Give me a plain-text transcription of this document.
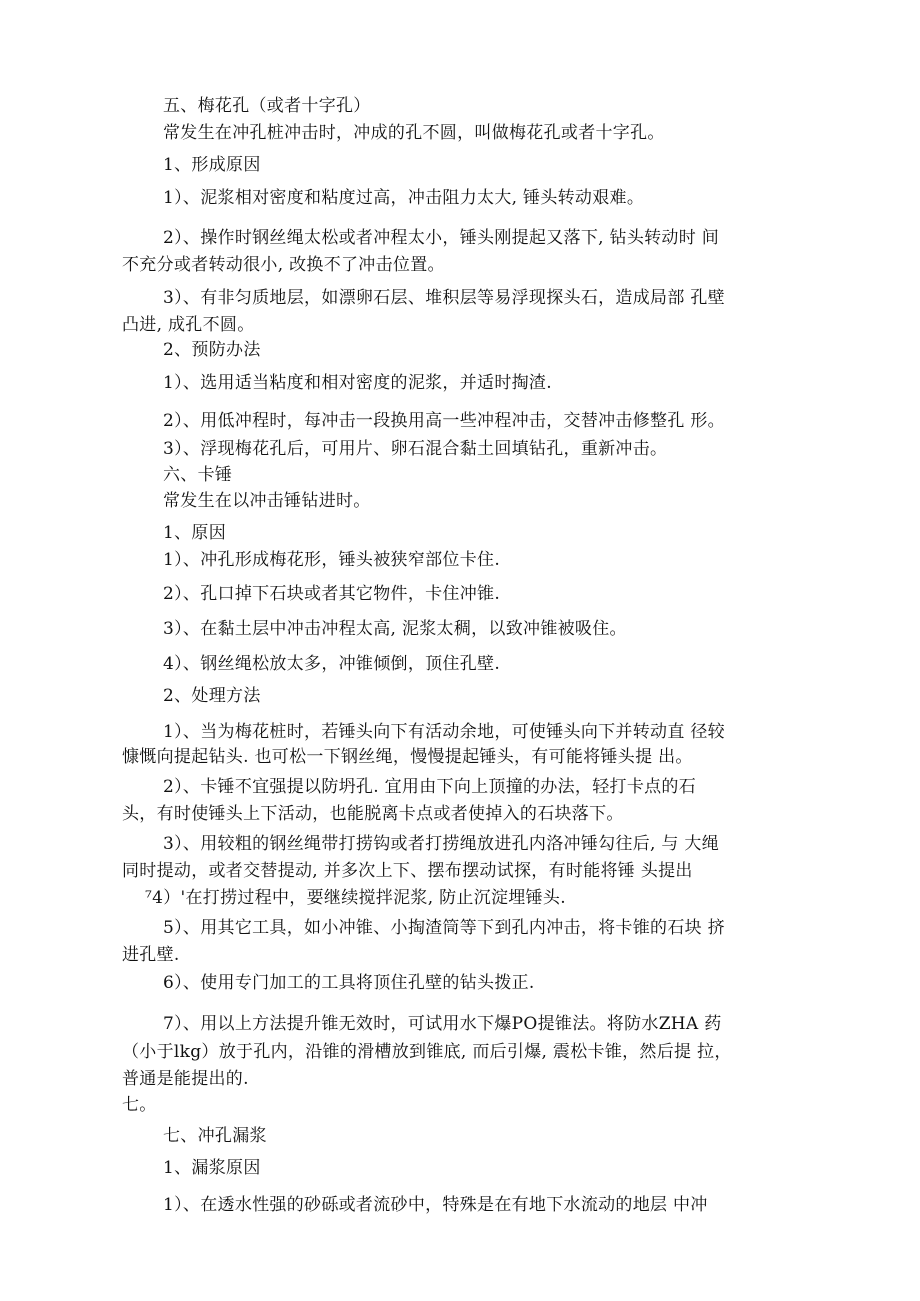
五、梅花孔（或者十字孔）
常发生在冲孔桩冲击时，冲成的孔不圆，叫做梅花孔或者十字孔。
1、形成原因
1）、泥浆相对密度和粘度过高，冲击阻力太大, 锤头转动艰难。
2）、操作时钢丝绳太松或者冲程太小，锤头刚提起又落下, 钻头转动时 间
不充分或者转动很小, 改换不了冲击位置。
3）、有非匀质地层，如漂卵石层、堆积层等易浮现探头石，造成局部 孔壁
凸进, 成孔不圆。
2、预防办法
1）、选用适当粘度和相对密度的泥浆，并适时掏渣.
2）、用低冲程时，每冲击一段换用高一些冲程冲击，交替冲击修整孔 形。
3）、浮现梅花孔后，可用片、卵石混合黏土回填钻孔，重新冲击。
六、卡锤
常发生在以冲击锤钻进时。
1、原因
1）、冲孔形成梅花形，锤头被狭窄部位卡住.
2）、孔口掉下石块或者其它物件，卡住冲锥.
3）、在黏土层中冲击冲程太高, 泥浆太稠，以致冲锥被吸住。
4）、钢丝绳松放太多，冲锥倾倒，顶住孔壁.
2、处理方法
1）、当为梅花桩时，若锤头向下有活动余地，可使锤头向下并转动直 径较
慷慨向提起钻头. 也可松一下钢丝绳，慢慢提起锤头，有可能将锤头提 出。
2）、卡锤不宜强提以防坍孔. 宜用由下向上顶撞的办法，轻打卡点的石
头，有时使锤头上下活动，也能脱离卡点或者使掉入的石块落下。
3）、用较粗的钢丝绳带打捞钩或者打捞绳放进孔内洛冲锤勾往后, 与 大绳
同时提动，或者交替提动, 并多次上下、摆布摆动试探，有时能将锤 头提出
⁷4）'在打捞过程中，要继续搅拌泥浆, 防止沉淀埋锤头.
5）、用其它工具，如小冲锥、小掏渣筒等下到孔内冲击，将卡锥的石块 挤
进孔壁.
6）、使用专门加工的工具将顶住孔壁的钻头拨正.
7）、用以上方法提升锥无效时，可试用水下爆PO提锥法。将防水ZHA 药
（小于lkg）放于孔内，沿锥的滑槽放到锥底, 而后引爆, 震松卡锥，然后提 拉，
普通是能提出的.
七。
七、冲孔漏浆
1、漏浆原因
1）、在透水性强的砂砾或者流砂中，特殊是在有地下水流动的地层 中冲
